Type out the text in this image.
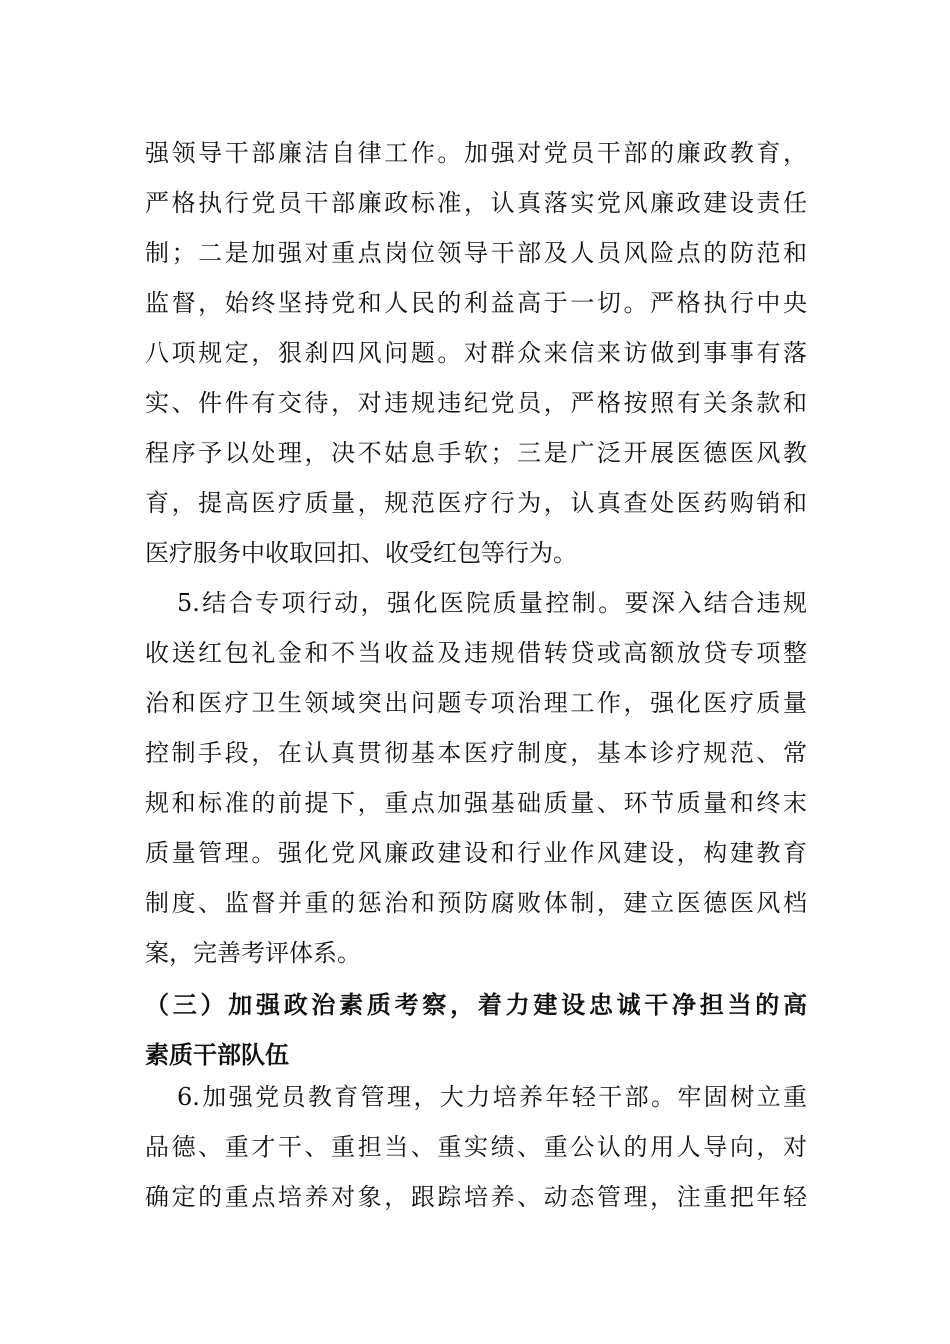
强领导干部廉洁自律工作。加强对党员干部的廉政教育，
严格执行党员干部廉政标准，认真落实党风廉政建设责任
制；二是加强对重点岗位领导干部及人员风险点的防范和
监督，始终坚持党和人民的利益高于一切。严格执行中央
八项规定，狠刹四风问题。对群众来信来访做到事事有落
实、件件有交待，对违规违纪党员，严格按照有关条款和
程序予以处理，决不姑息手软；三是广泛开展医德医风教
育，提高医疗质量，规范医疗行为，认真查处医药购销和
医疗服务中收取回扣、收受红包等行为。
5.结合专项行动，强化医院质量控制。要深入结合违规
收送红包礼金和不当收益及违规借转贷或高额放贷专项整
治和医疗卫生领域突出问题专项治理工作，强化医疗质量
控制手段，在认真贯彻基本医疗制度，基本诊疗规范、常
规和标准的前提下，重点加强基础质量、环节质量和终末
质量管理。强化党风廉政建设和行业作风建设，构建教育
制度、监督并重的惩治和预防腐败体制，建立医德医风档
案，完善考评体系。
（三）加强政治素质考察，着力建设忠诚干净担当的高
素质干部队伍
6.加强党员教育管理，大力培养年轻干部。牢固树立重
品德、重才干、重担当、重实绩、重公认的用人导向，对
确定的重点培养对象，跟踪培养、动态管理，注重把年轻
